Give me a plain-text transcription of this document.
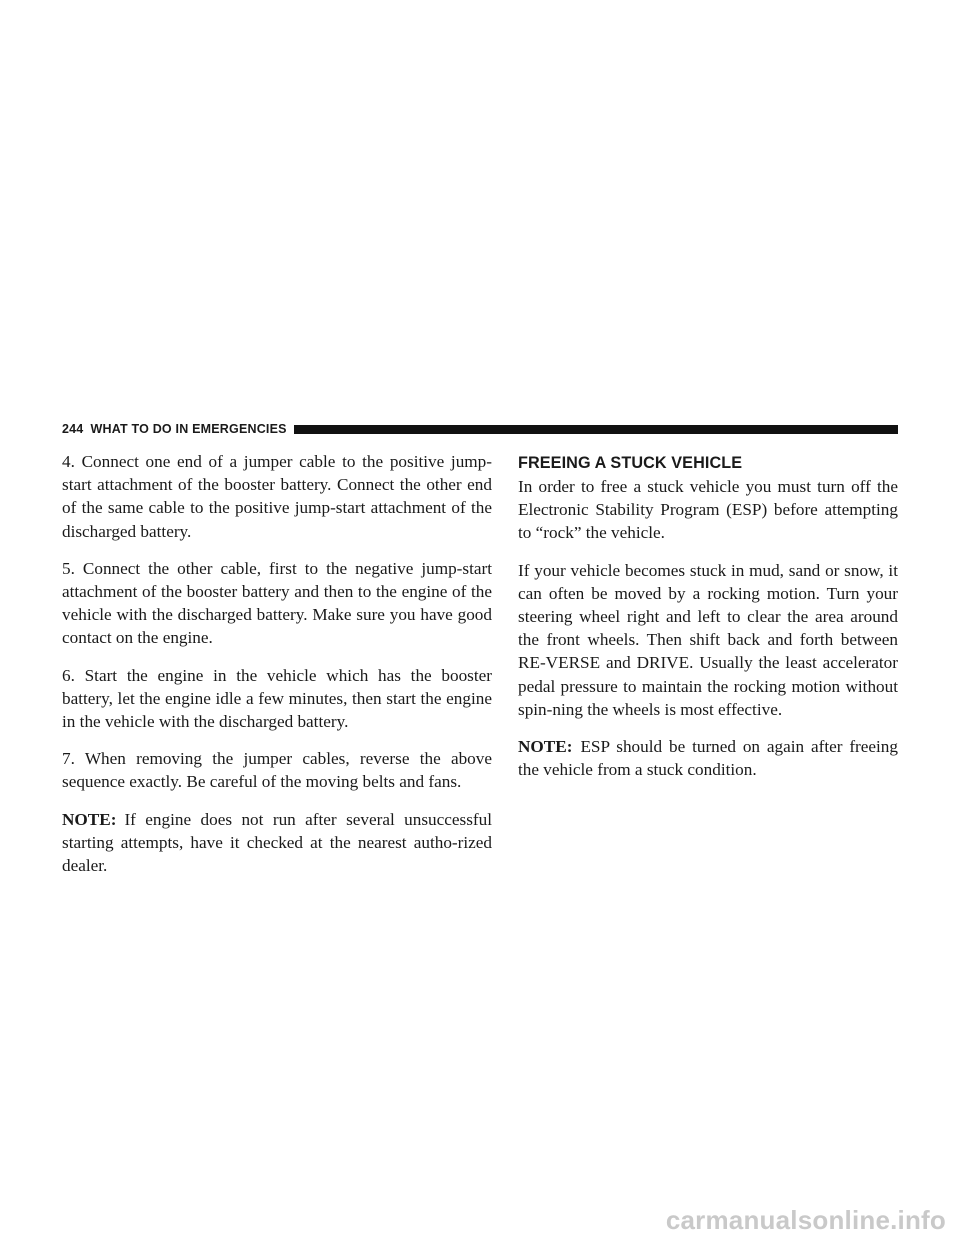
244 WHAT TO DO IN EMERGENCIES

4. Connect one end of a jumper cable to the positive jump-start attachment of the booster battery. Connect the other end of the same cable to the positive jump-start attachment of the discharged battery.

5. Connect the other cable, first to the negative jump-start attachment of the booster battery and then to the engine of the vehicle with the discharged battery. Make sure you have good contact on the engine.

6. Start the engine in the vehicle which has the booster battery, let the engine idle a few minutes, then start the engine in the vehicle with the discharged battery.

7. When removing the jumper cables, reverse the above sequence exactly. Be careful of the moving belts and fans.

NOTE: If engine does not run after several unsuccessful starting attempts, have it checked at the nearest autho-rized dealer.

FREEING A STUCK VEHICLE

In order to free a stuck vehicle you must turn off the Electronic Stability Program (ESP) before attempting to “rock” the vehicle.

If your vehicle becomes stuck in mud, sand or snow, it can often be moved by a rocking motion. Turn your steering wheel right and left to clear the area around the front wheels. Then shift back and forth between RE-VERSE and DRIVE. Usually the least accelerator pedal pressure to maintain the rocking motion without spin-ning the wheels is most effective.

NOTE: ESP should be turned on again after freeing the vehicle from a stuck condition.

carmanualsonline.info
